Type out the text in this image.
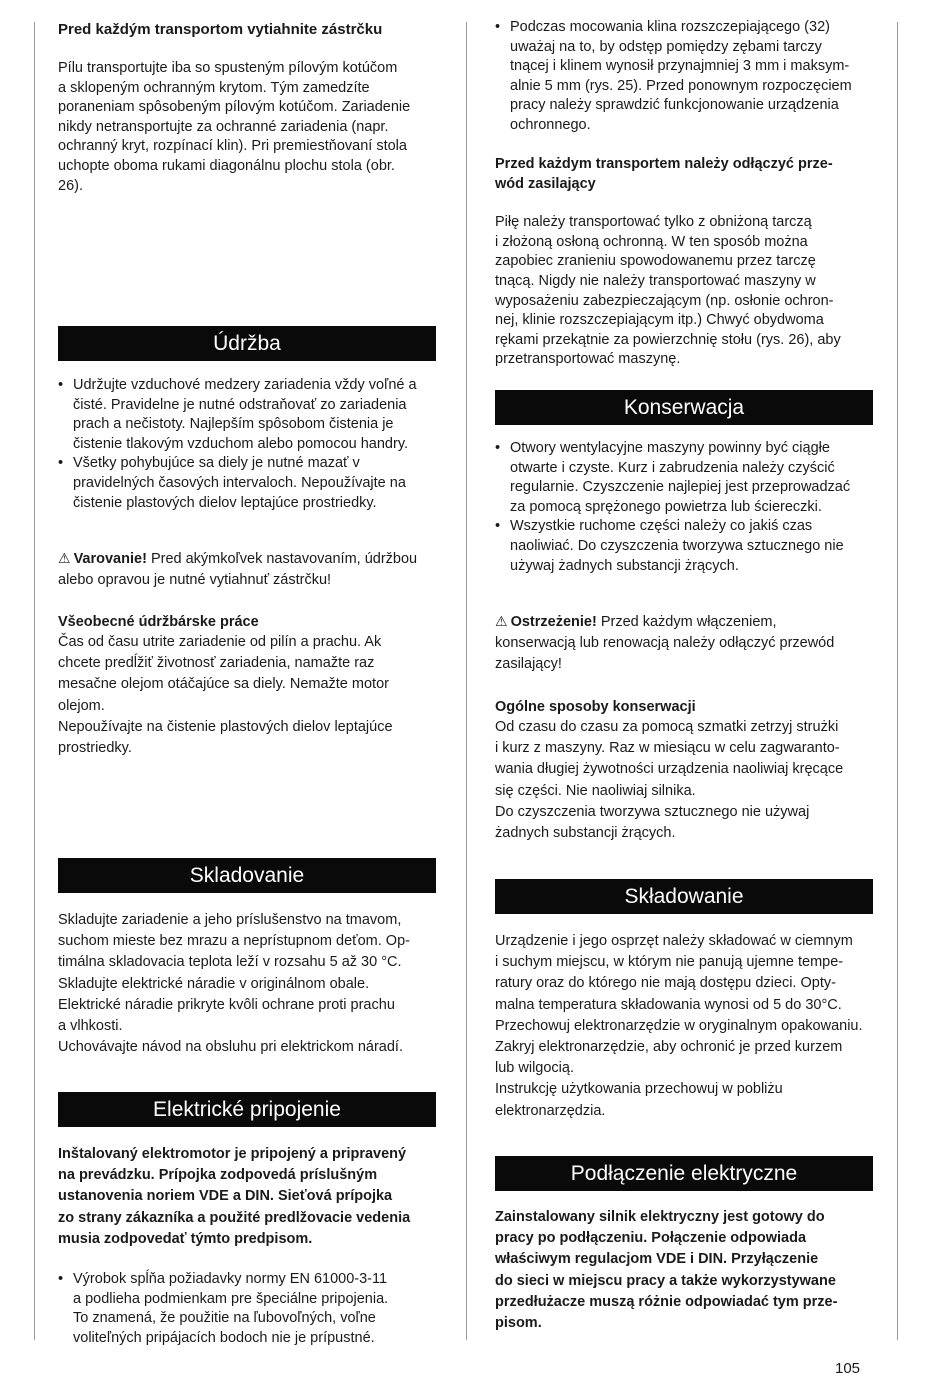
Pred každým transportom vytiahnite zástrčku

Pílu transportujte iba so spusteným pílovým kotúčom

a sklopeným ochranným krytom. Tým zamedzíte

poraneniam spôsobeným pílovým kotúčom. Zariadenie

nikdy netransportujte za ochranné zariadenia (napr.

ochranný kryt, rozpínací klin). Pri premiestňovaní stola

uchopte oboma rukami diagonálnu plochu stola (obr.

26).

Údržba
• Udržujte vzduchové medzery zariadenia vždy voľné a

čisté. Pravidelne je nutné odstraňovať zo zariadenia

prach a nečistoty. Najlepším spôsobom čistenia je

čistenie tlakovým vzduchom alebo pomocou handry.

• Všetky pohybujúce sa diely je nutné mazať v

pravidelných časových intervaloch. Nepoužívajte na

čistenie plastových dielov leptajúce prostriedky.

⚠ Varovanie! Pred akýmkoľvek nastavovaním, údržbou

alebo opravou je nutné vytiahnuť zástrčku!

Všeobecné údržbárske práce

Čas od času utrite zariadenie od pilín a prachu. Ak

chcete predĺžiť životnosť zariadenia, namažte raz

mesačne olejom otáčajúce sa diely. Nemažte motor

olejom.

Nepoužívajte na čistenie plastových dielov leptajúce

prostriedky.

Skladovanie

Skladujte zariadenie a jeho príslušenstvo na tmavom,

suchom mieste bez mrazu a neprístupnom deťom. Op-

timálna skladovacia teplota leží v rozsahu 5 až 30 °C.

Skladujte elektrické náradie v originálnom obale.

Elektrické náradie prikryte kvôli ochrane proti prachu

a vlhkosti.

Uchovávajte návod na obsluhu pri elektrickom náradí.

Elektrické pripojenie

Inštalovaný elektromotor je pripojený a pripravený

na prevádzku. Prípojka zodpovedá príslušným

ustanovenia noriem VDE a DIN. Sieťová prípojka

zo strany zákazníka a použité predlžovacie vedenia

musia zodpovedať týmto predpisom.

• Výrobok spĺňa požiadavky normy EN 61000-3-11

a podlieha podmienkam pre špeciálne pripojenia.

To znamená, že použitie na ľubovoľných, voľne

voliteľných pripájacích bodoch nie je prípustné.

• Podczas mocowania klina rozszczepiającego (32)

uważaj na to, by odstęp pomiędzy zębami tarczy

tnącej i klinem wynosił przynajmniej 3 mm i maksym-

alnie 5 mm (rys. 25). Przed ponownym rozpoczęciem

pracy należy sprawdzić funkcjonowanie urządzenia

ochronnego.

Przed każdym transportem należy odłączyć prze-

wód zasilający

Piłę należy transportować tylko z obniżoną tarczą

i złożoną osłoną ochronną. W ten sposób można

zapobiec zranieniu spowodowanemu przez tarczę

tnącą. Nigdy nie należy transportować maszyny w

wyposażeniu zabezpieczającym (np. osłonie ochron-

nej, klinie rozszczepiającym itp.) Chwyć obydwoma

rękami przekątnie za powierzchnię stołu (rys. 26), aby

przetransportować maszynę.

Konserwacja
• Otwory wentylacyjne maszyny powinny być ciągłe

otwarte i czyste. Kurz i zabrudzenia należy czyścić

regularnie. Czyszczenie najlepiej jest przeprowadzać

za pomocą sprężonego powietrza lub ściereczki.

• Wszystkie ruchome części należy co jakiś czas

naoliwiać. Do czyszczenia tworzywa sztucznego nie

używaj żadnych substancji żrących.

⚠ Ostrzeżenie! Przed każdym włączeniem,

konserwacją lub renowacją należy odłączyć przewód

zasilający!

Ogólne sposoby konserwacji

Od czasu do czasu za pomocą szmatki zetrzyj strużki

i kurz z maszyny. Raz w miesiącu w celu zagwaranto-

wania długiej żywotności urządzenia naoliwiaj kręcące

się części. Nie naoliwiaj silnika.

Do czyszczenia tworzywa sztucznego nie używaj

żadnych substancji żrących.

Składowanie

Urządzenie i jego osprzęt należy składować w ciemnym

i suchym miejscu, w którym nie panują ujemne tempe-

ratury oraz do którego nie mają dostępu dzieci. Opty-

malna temperatura składowania wynosi od 5 do 30°C.

Przechowuj elektronarzędzie w oryginalnym opakowaniu.

Zakryj elektronarzędzie, aby ochronić je przed kurzem

lub wilgocią.

Instrukcję użytkowania przechowuj w pobliżu

elektronarzędzia.

Podłączenie elektryczne

Zainstalowany silnik elektryczny jest gotowy do

pracy po podłączeniu. Połączenie odpowiada

właściwym regulacjom VDE i DIN. Przyłączenie

do sieci w miejscu pracy a także wykorzystywane

przedłużacze muszą różnie odpowiadać tym prze-

pisom.

105
